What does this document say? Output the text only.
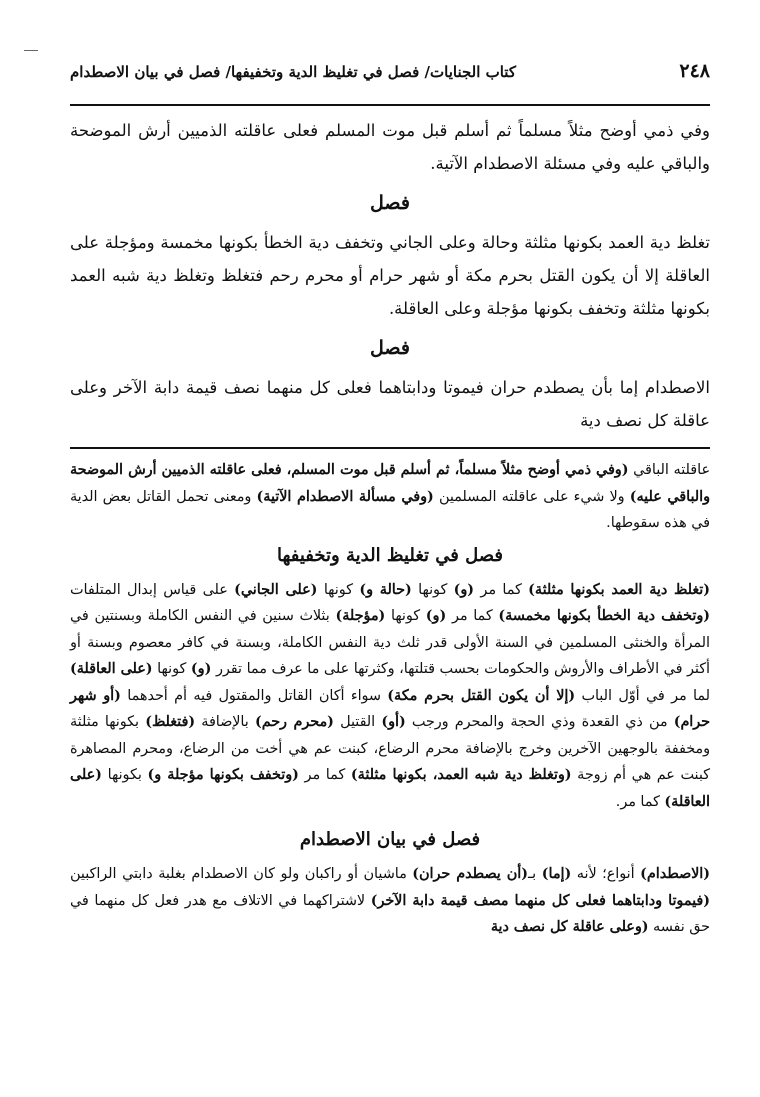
٢٤٨
كتاب الجنايات/ فصل في تغليظ الدية وتخفيفها/ فصل في بيان الاصطدام

وفي ذمي أوضح مثلاً مسلماً ثم أسلم قبل موت المسلم فعلى عاقلته الذميين أرش الموضحة والباقي عليه وفي مسئلة الاصطدام الآتية.

فصل

تغلظ دية العمد بكونها مثلثة وحالة وعلى الجاني وتخفف دية الخطأ بكونها مخمسة ومؤجلة على العاقلة إلا أن يكون القتل بحرم مكة أو شهر حرام أو محرم رحم فتغلظ وتغلظ دية شبه العمد بكونها مثلثة وتخفف بكونها مؤجلة وعلى العاقلة.

فصل

الاصطدام إما بأن يصطدم حران فيموتا ودابتاهما فعلى كل منهما نصف قيمة دابة الآخر وعلى عاقلة كل نصف دية

عاقلته الباقي (وفي ذمي أوضح مثلاً مسلماً، ثم أسلم قبل موت المسلم، فعلى عاقلته الذميين أرش الموضحة والباقي عليه) ولا شيء على عاقلته المسلمين (وفي مسألة الاصطدام الآتية) ومعنى تحمل القاتل بعض الدية في هذه سقوطها.

فصل في تغليظ الدية وتخفيفها

(تغلظ دية العمد بكونها مثلثة) كما مر (و) كونها (حالة و) كونها (على الجاني) على قياس إبدال المتلفات (وتخفف دية الخطأ بكونها مخمسة) كما مر (و) كونها (مؤجلة) بثلاث سنين في النفس الكاملة وبسنتين في المرأة والخنثى المسلمين في السنة الأولى قدر ثلث دية النفس الكاملة، وبسنة في كافر معصوم وبسنة أو أكثر في الأطراف والأروش والحكومات بحسب قتلتها، وكثرتها على ما عرف مما تقرر (و) كونها (على العاقلة) لما مر في أوّل الباب (إلا أن يكون القتل بحرم مكة) سواء أكان القاتل والمقتول فيه أم أحدهما (أو شهر حرام) من ذي القعدة وذي الحجة والمحرم ورجب (أو) القتيل (محرم رحم) بالإضافة (فتغلظ) بكونها مثلثة ومخففة بالوجهين الآخرين وخرج بالإضافة محرم الرضاع، كبنت عم هي أخت من الرضاع، ومحرم المصاهرة كبنت عم هي أم زوجة (وتغلظ دية شبه العمد، بكونها مثلثة) كما مر (وتخفف بكونها مؤجلة و) بكونها (على العاقلة) كما مر.

فصل في بيان الاصطدام

(الاصطدام) أنواع؛ لأنه (إما) بـ(أن يصطدم حران) ماشيان أو راكبان ولو كان الاصطدام بغلبة دابتي الراكبين (فيموتا ودابتاهما فعلى كل منهما مصف قيمة دابة الآخر) لاشتراكهما في الاتلاف مع هدر فعل كل منهما في حق نفسه (وعلى عاقلة كل نصف دية
